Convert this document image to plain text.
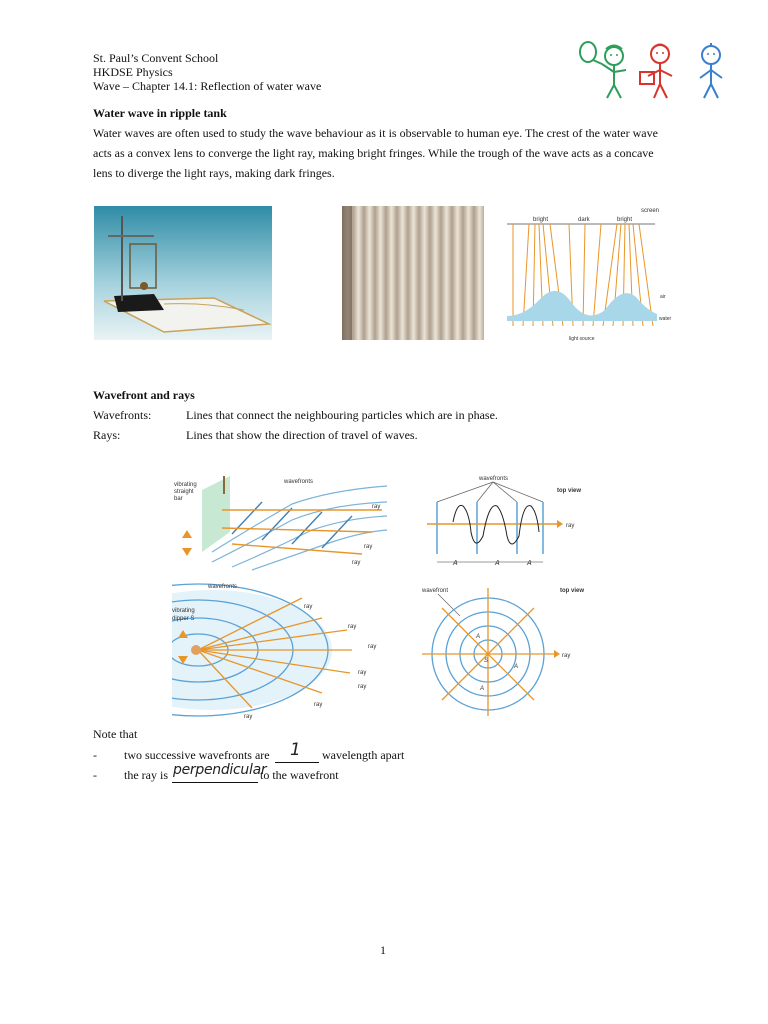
St. Paul’s Convent School
HKDSE Physics
Wave – Chapter 14.1: Reflection of water wave
Water wave in ripple tank
Water waves are often used to study the wave behaviour as it is observable to human eye. The crest of the water wave
acts as a convex lens to converge the light ray, making bright fringes. While the trough of the wave acts as a concave
lens to diverge the light rays, making dark fringes.
bright	dark	bright
screen
air
water
light source
Wavefront and rays
Wavefronts:	Lines that connect the neighbouring particles which are in phase.
Rays:	Lines that show the direction of travel of waves.
vibrating
straight
bar
wavefronts
ray
ray
ray
wavefronts
top view
ray
A	A	A
wavefronts
vibrating
dipper S
ray
ray
ray
ray
ray
ray
ray
wavefront	top view
ray
S
A
A
A
Note that
- two successive wavefronts are 1 wavelength apart
- the ray is perpendicular
to the wavefront
1
